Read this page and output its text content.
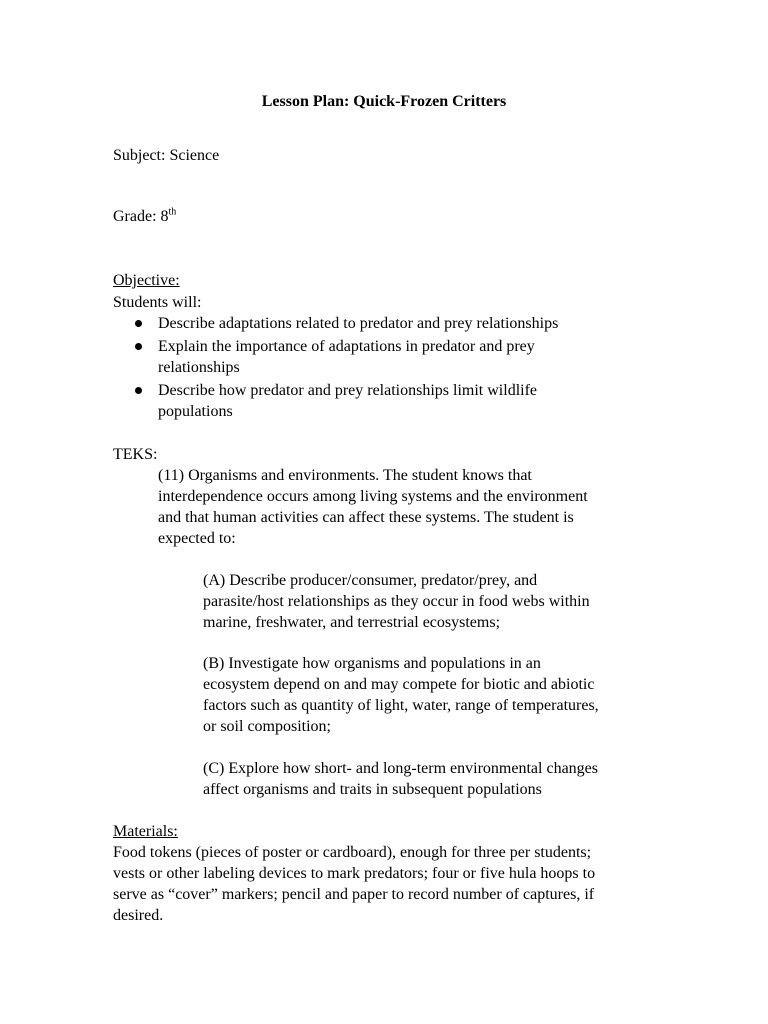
Lesson Plan: Quick-Frozen Critters
Subject: Science
Grade: 8th
Objective:
Students will:
Describe adaptations related to predator and prey relationships
Explain the importance of adaptations in predator and prey
relationships
Describe how predator and prey relationships limit wildlife
populations
TEKS:
(11) Organisms and environments. The student knows that
interdependence occurs among living systems and the environment
and that human activities can affect these systems. The student is
expected to:
(A) Describe producer/consumer, predator/prey, and
parasite/host relationships as they occur in food webs within
marine, freshwater, and terrestrial ecosystems;
(B) Investigate how organisms and populations in an
ecosystem depend on and may compete for biotic and abiotic
factors such as quantity of light, water, range of temperatures,
or soil composition;
(C) Explore how short- and long-term environmental changes
affect organisms and traits in subsequent populations
Materials:
Food tokens (pieces of poster or cardboard), enough for three per students;
vests or other labeling devices to mark predators; four or five hula hoops to
serve as “cover” markers; pencil and paper to record number of captures, if
desired.
